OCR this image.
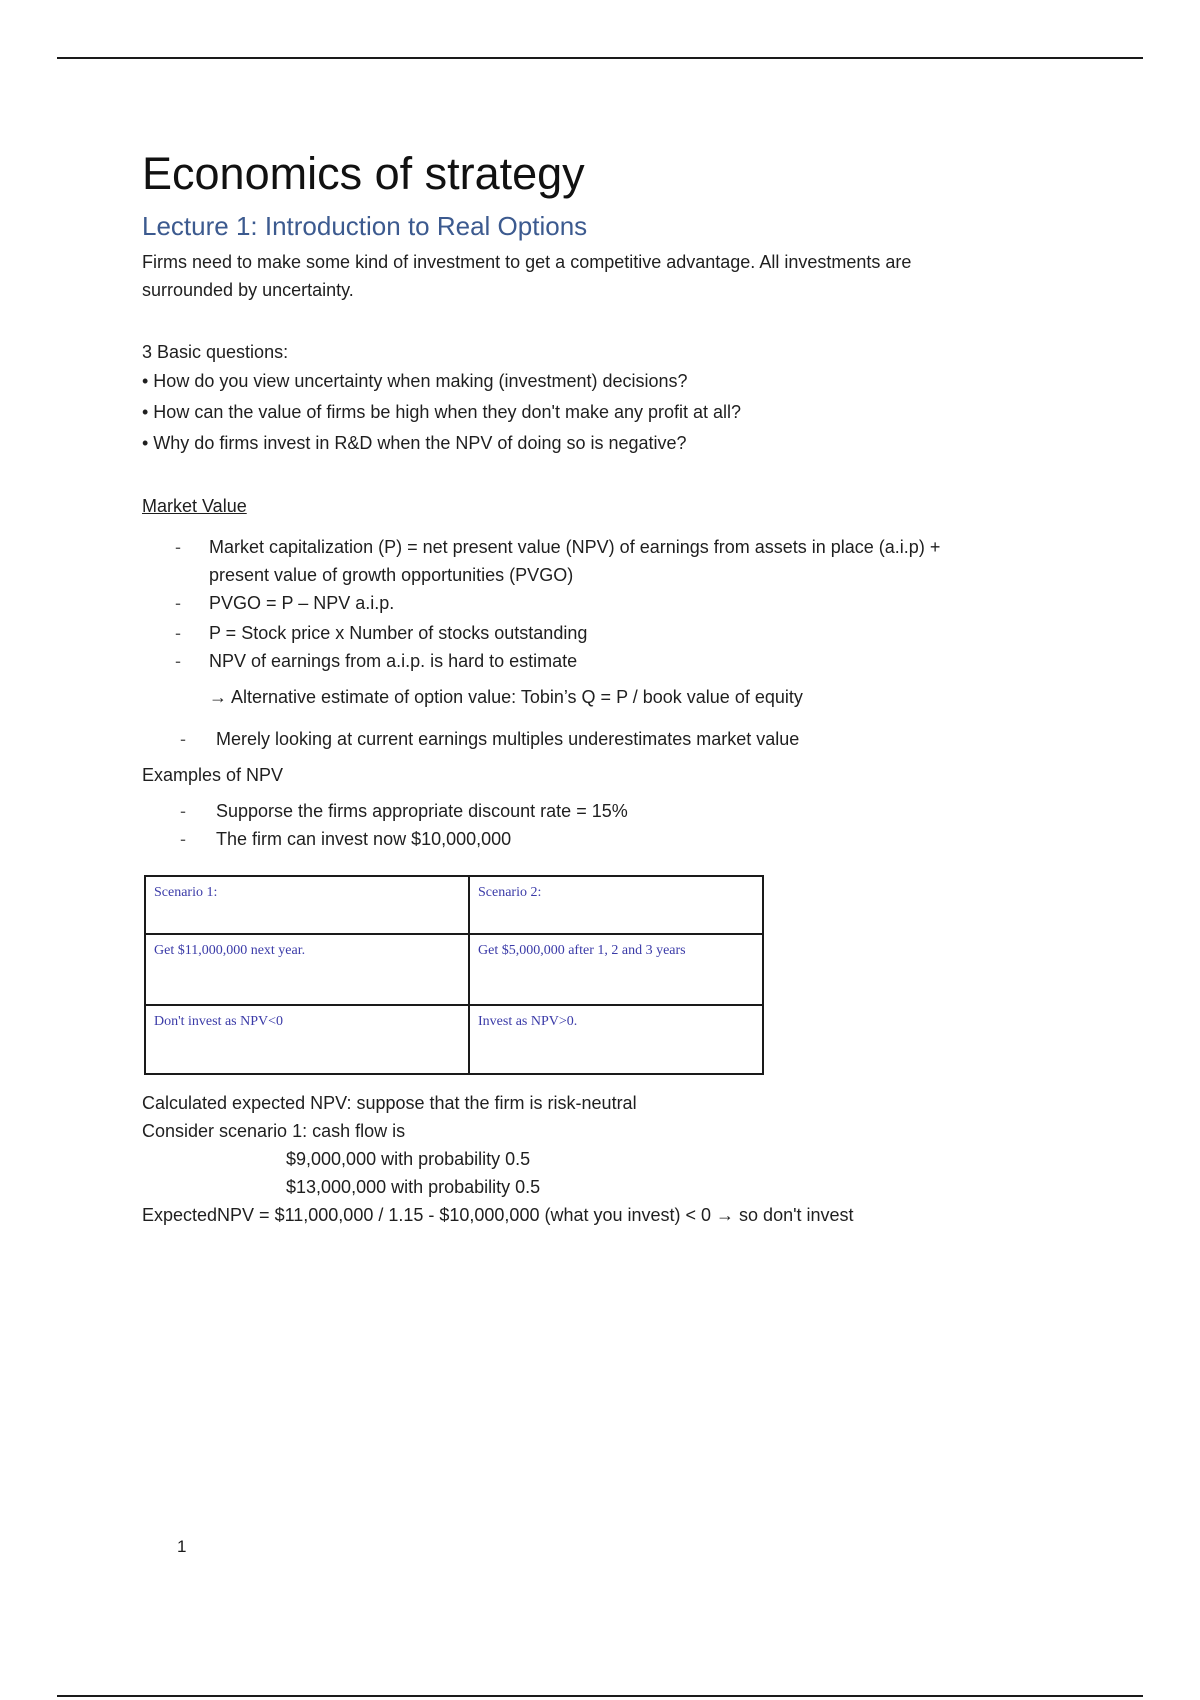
Economics of strategy
Lecture 1: Introduction to Real Options

Firms need to make some kind of investment to get a competitive advantage. All investments are

surrounded by uncertainty.

3 Basic questions:

• How do you view uncertainty when making (investment) decisions?
• How can the value of firms be high when they don't make any profit at all?
• Why do firms invest in R&D when the NPV of doing so is negative?
Market Value
- Market capitalization (P) = net present value (NPV) of earnings from assets in place (a.i.p) +
present value of growth opportunities (PVGO)
- PVGO = P – NPV a.i.p.
- P = Stock price x Number of stocks outstanding
- NPV of earnings from a.i.p. is hard to estimate
→ Alternative estimate of option value: Tobin’s Q = P / book value of equity
- Merely looking at current earnings multiples underestimates market value

Examples of NPV

- Supporse the firms appropriate discount rate = 15%
- The firm can invest now $10,000,000
Scenario 1:	Scenario 2:
Get $11,000,000 next year.	Get $5,000,000 after 1, 2 and 3 years
Don't invest as NPV<0	Invest as NPV>0.

Calculated expected NPV: suppose that the firm is risk-neutral

Consider scenario 1: cash flow is

$9,000,000 with probability 0.5
$13,000,000 with probability 0.5

ExpectedNPV = $11,000,000 / 1.15 - $10,000,000 (what you invest) < 0 → so don't invest

1
